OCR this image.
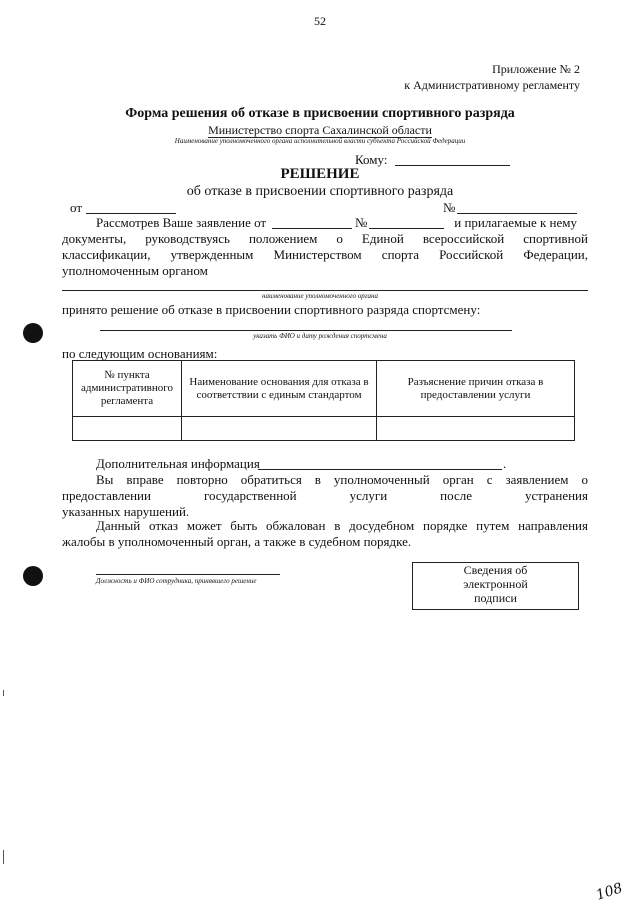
52
Приложение № 2
к Административному регламенту
Форма решения об отказе в присвоении спортивного разряда
Министерство спорта Сахалинской области
Наименование уполномоченного органа исполнительной власти субъекта Российской Федерации
Кому:
РЕШЕНИЕ
об отказе в присвоении спортивного разряда
от	№
Рассмотрев Ваше заявление от	№	и прилагаемые к нему
документы, руководствуясь положением о Единой всероссийской спортивной
классификации, утвержденным Министерством спорта Российской Федерации,
уполномоченным органом
наименование уполномоченного органа
принято решение об отказе в присвоении спортивного разряда спортсмену:
указать ФИО и дату рождения спортсмена
по следующим основаниям:
№ пункта административного регламента	Наименование основания для отказа в соответствии с единым стандартом	Разъяснение причин отказа в предоставлении услуги

Дополнительная информация	.
Вы вправе повторно обратиться в уполномоченный орган с заявлением о
предоставлении государственной услуги после устранения
указанных нарушений.
Данный отказ может быть обжалован в досудебном порядке путем направления
жалобы в уполномоченный орган, а также в судебном порядке.
Должность и ФИО сотрудника, принявшего решение
Сведения об
электронной
подписи
108
